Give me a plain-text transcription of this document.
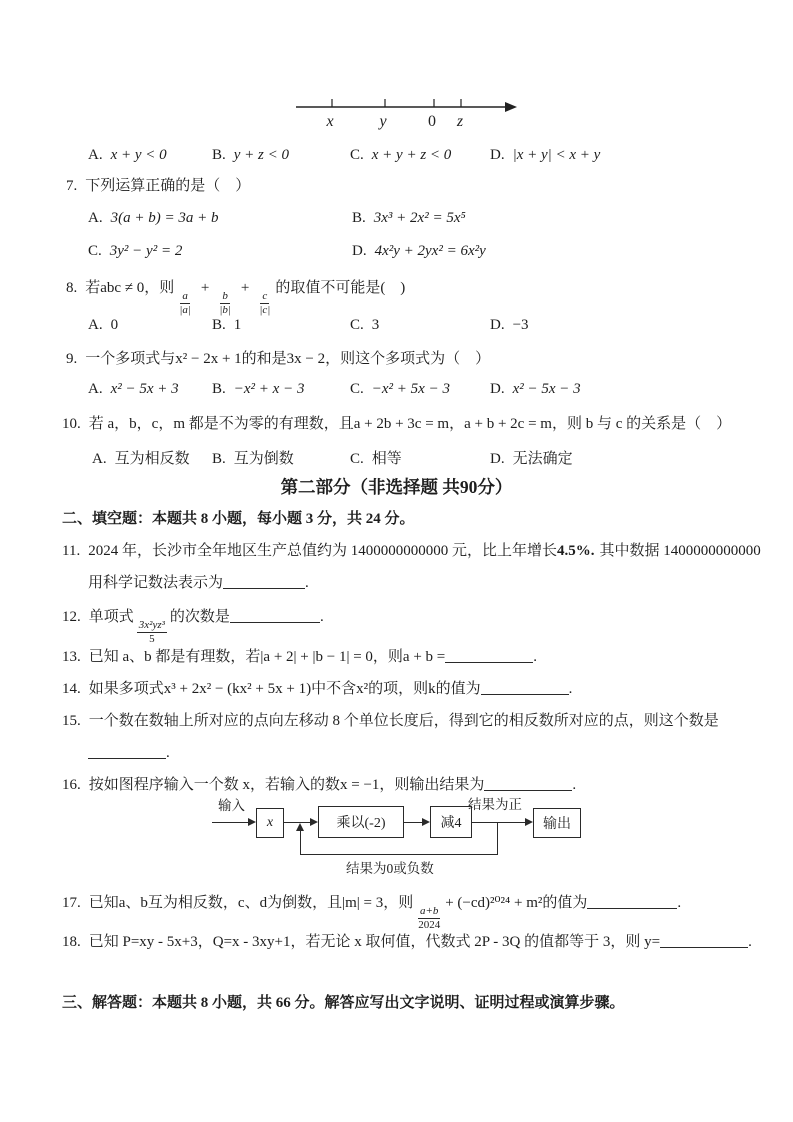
x	y	0 z
A. x + y < 0	B. y + z < 0	C. x + y + z < 0	D. |x + y| < x + y
7. 下列运算正确的是（　）
A. 3(a + b) = 3a + b	B. 3x³ + 2x² = 5x⁵
C. 3y² − y² = 2	D. 4x²y + 2yx² = 6x²y
8. 若abc ≠ 0，则
$\frac{a}{|a|}$
+
$\frac{b}{|b|}$
+
$\frac{c}{|c|}$
的取值不可能是(　)
A. 0	B. 1	C. 3	D. −3
9. 一个多项式与x² − 2x + 1的和是3x − 2，则这个多项式为（　）
A. x² − 5x + 3 B. −x² + x − 3	C. −x² + 5x − 3	D. x² − 5x − 3
10. 若 a，b，c，m 都是不为零的有理数，且a + 2b + 3c = m，a + b + 2c = m，则 b 与 c 的关系是（　）
A. 互为相反数 B. 互为倒数	C. 相等	D. 无法确定
第二部分（非选择题 共90分）
二、填空题：本题共 8 小题，每小题 3 分，共 24 分。
11. 2024 年，长沙市全年地区生产总值约为 1400000000000 元，比上年增长4.5%. 其中数据 1400000000000
用科学记数法表示为	.
12. 单项式
$\frac{\text{3x²yz³}}{5}$
的次数是	.
13. 已知 a、b 都是有理数，若|a + 2| + |b − 1| = 0，则a + b =	.
14. 如果多项式x³ + 2x² − (kx² + 5x + 1)中不含x²的项，则k的值为	.
15. 一个数在数轴上所对应的点向左移动 8 个单位长度后，得到它的相反数所对应的点，则这个数是
.
16. 按如图程序输入一个数 x，若输入的数x = −1，则输出结果为	.
输入
x	乘以(-2)	减4
结果为正
输出
结果为0或负数
17. 已知a、b互为相反数，c、d为倒数，且|m| = 3，则
$\frac{a+b}{2024}$
+ (−cd)²⁰²⁴ + m²的值为	.
18. 已知 P=xy - 5x+3，Q=x - 3xy+1，若无论 x 取何值，代数式 2P - 3Q 的值都等于 3，则 y=	.
三、解答题：本题共 8 小题，共 66 分。解答应写出文字说明、证明过程或演算步骤。
